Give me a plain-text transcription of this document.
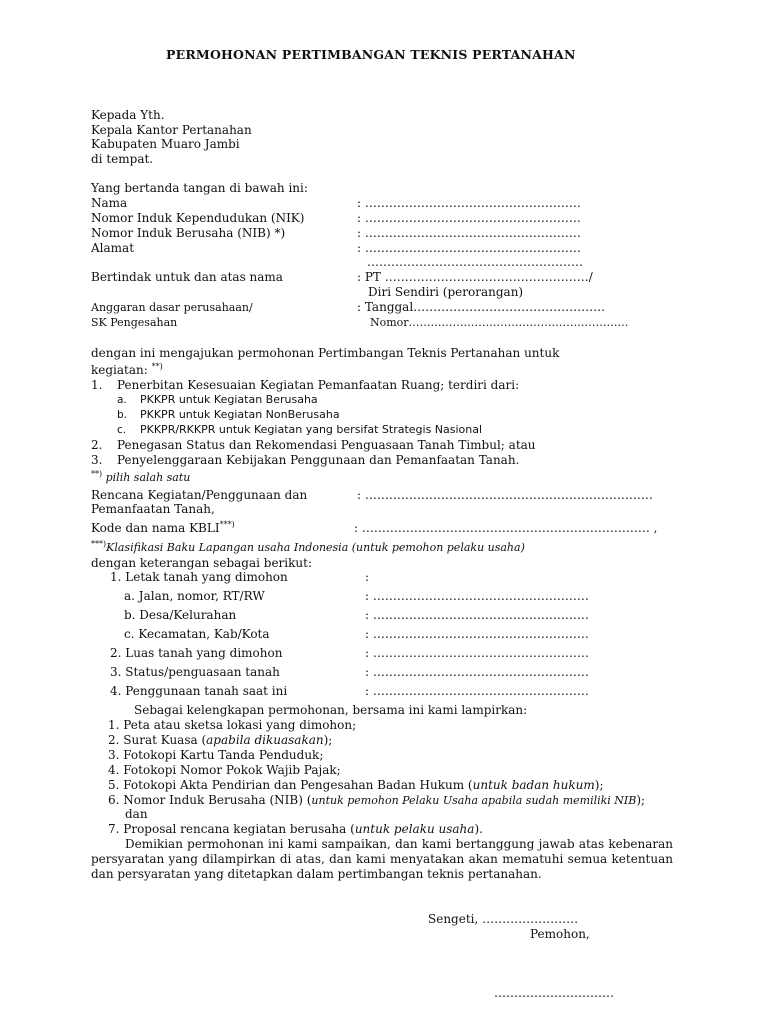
PERMOHONAN PERTIMBANGAN TEKNIS PERTANAHAN
Kepada Yth.
Kepala Kantor Pertanahan
Kabupaten Muaro Jambi
di tempat.
Yang bertanda tangan di bawah ini:
Nama	: ………………………………………………
Nomor Induk Kependudukan (NIK)	: ………………………………………………
Nomor Induk Berusaha (NIB) *)	: ………………………………………………
Alamat	: ………………………………………………
………………………………………………
Bertindak untuk dan atas nama	: PT ……………………………………………/
Diri Sendiri (perorangan)
Anggaran dasar perusahaan/	: Tanggal…………………………………………
SK Pengesahan	Nomor……………………………………………………
dengan ini mengajukan permohonan Pertimbangan Teknis Pertanahan untuk
kegiatan: **)
1. Penerbitan Kesesuaian Kegiatan Pemanfaatan Ruang; terdiri dari:
a. PKKPR untuk Kegiatan Berusaha
b. PKKPR untuk Kegiatan NonBerusaha
c. PKKPR/RKKPR untuk Kegiatan yang bersifat Strategis Nasional
2. Penegasan Status dan Rekomendasi Penguasaan Tanah Timbul; atau
3. Penyelenggaraan Kebijakan Penggunaan dan Pemanfaatan Tanah.
**) pilih salah satu
Rencana Kegiatan/Penggunaan dan	: ………………………………………………………………
Pemanfaatan Tanah,
Kode dan nama KBLI***)	: ……………………………………………………………… ,
***)Klasifikasi Baku Lapangan usaha Indonesia (untuk pemohon pelaku usaha)
dengan keterangan sebagai berikut:
1. Letak tanah yang dimohon	:
a. Jalan, nomor, RT/RW	: ………………………………………………
b. Desa/Kelurahan	: ………………………………………………
c. Kecamatan, Kab/Kota	: ………………………………………………
2. Luas tanah yang dimohon	: ………………………………………………
3. Status/penguasaan tanah	: ………………………………………………
4. Penggunaan tanah saat ini	: ………………………………………………
Sebagai kelengkapan permohonan, bersama ini kami lampirkan:
1. Peta atau sketsa lokasi yang dimohon;
2. Surat Kuasa (apabila dikuasakan);
3. Fotokopi Kartu Tanda Penduduk;
4. Fotokopi Nomor Pokok Wajib Pajak;
5. Fotokopi Akta Pendirian dan Pengesahan Badan Hukum (untuk badan hukum);
6. Nomor Induk Berusaha (NIB) (untuk pemohon Pelaku Usaha apabila sudah memiliki NIB);
dan
7. Proposal rencana kegiatan berusaha (untuk pelaku usaha).
Demikian permohonan ini kami sampaikan, dan kami bertanggung jawab atas kebenaran persyaratan yang dilampirkan di atas, dan kami menyatakan akan mematuhi semua ketentuan dan persyaratan yang ditetapkan dalam pertimbangan teknis pertanahan.
Sengeti, ……………………
Pemohon,
…………………………
